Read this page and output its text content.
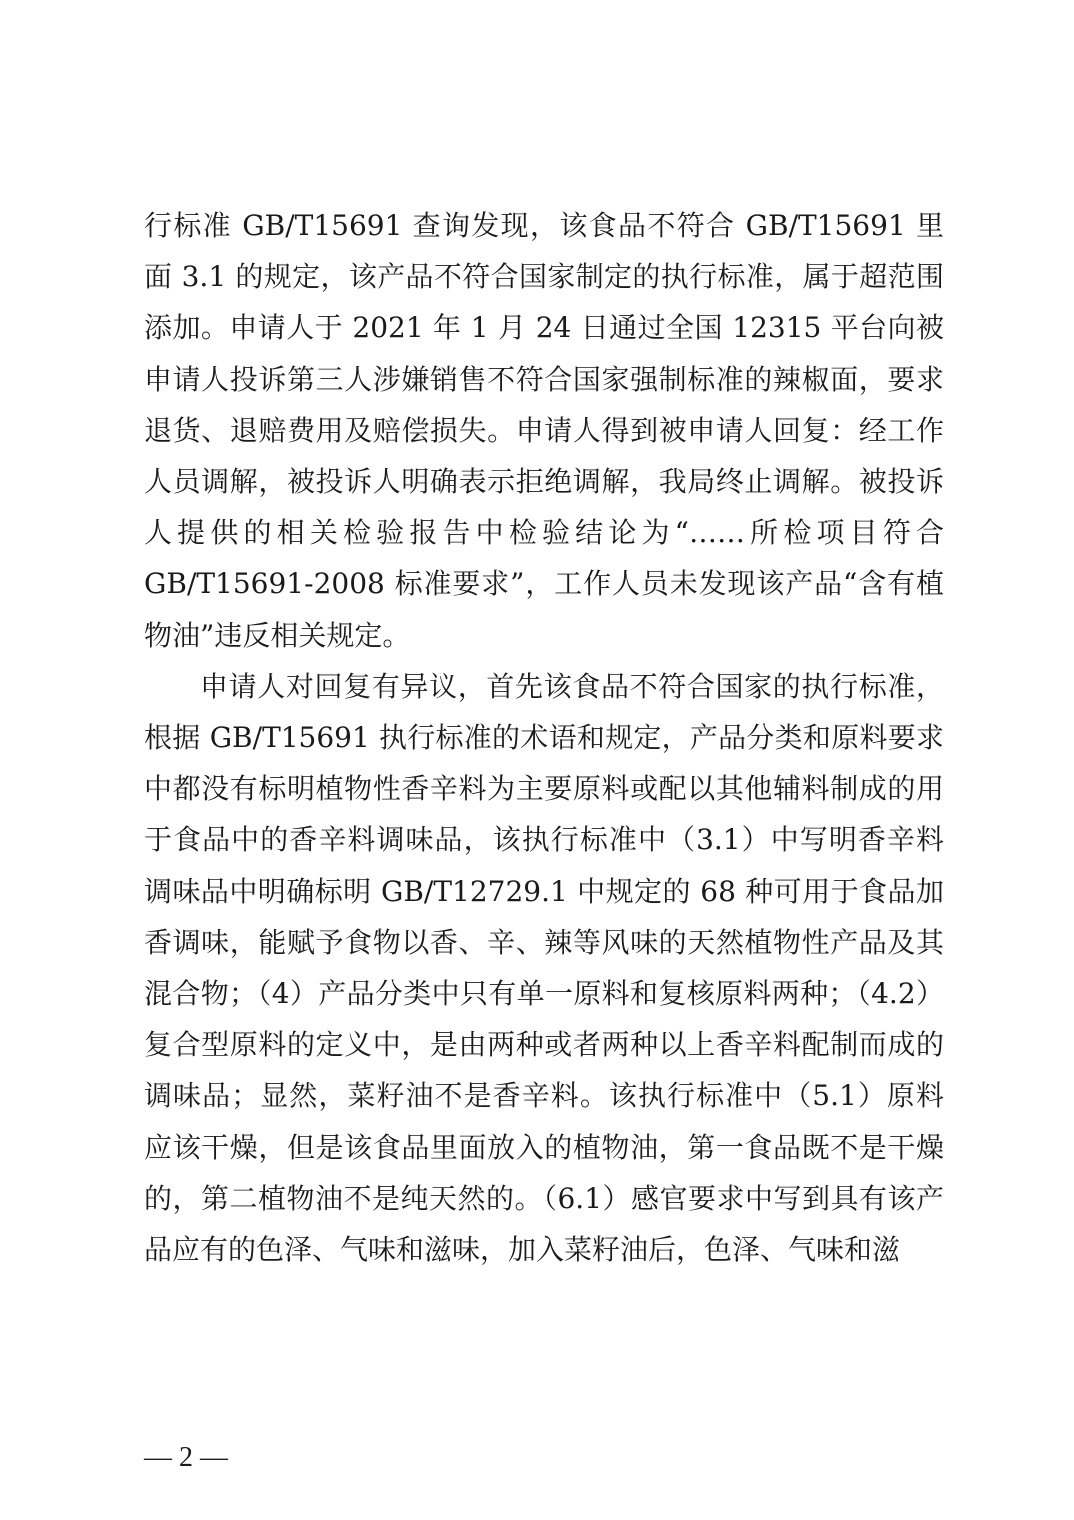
行标准 GB/T15691 查询发现，该食品不符合 GB/T15691 里面 3.1 的规定，该产品不符合国家制定的执行标准，属于超范围添加。申请人于 2021 年 1 月 24 日通过全国 12315 平台向被申请人投诉第三人涉嫌销售不符合国家强制标准的辣椒面，要求退货、退赔费用及赔偿损失。申请人得到被申请人回复：经工作人员调解，被投诉人明确表示拒绝调解，我局终止调解。被投诉人提供的相关检验报告中检验结论为“……所检项目符合 GB/T15691-2008 标准要求”，工作人员未发现该产品“含有植物油”违反相关规定。

申请人对回复有异议，首先该食品不符合国家的执行标准，根据 GB/T15691 执行标准的术语和规定，产品分类和原料要求中都没有标明植物性香辛料为主要原料或配以其他辅料制成的用于食品中的香辛料调味品，该执行标准中（3.1）中写明香辛料调味品中明确标明 GB/T12729.1 中规定的 68 种可用于食品加香调味，能赋予食物以香、辛、辣等风味的天然植物性产品及其混合物；（4）产品分类中只有单一原料和复核原料两种；（4.2）复合型原料的定义中，是由两种或者两种以上香辛料配制而成的调味品；显然，菜籽油不是香辛料。该执行标准中（5.1）原料应该干燥，但是该食品里面放入的植物油，第一食品既不是干燥的，第二植物油不是纯天然的。（6.1）感官要求中写到具有该产品应有的色泽、气味和滋味，加入菜籽油后，色泽、气味和滋

— 2 —
